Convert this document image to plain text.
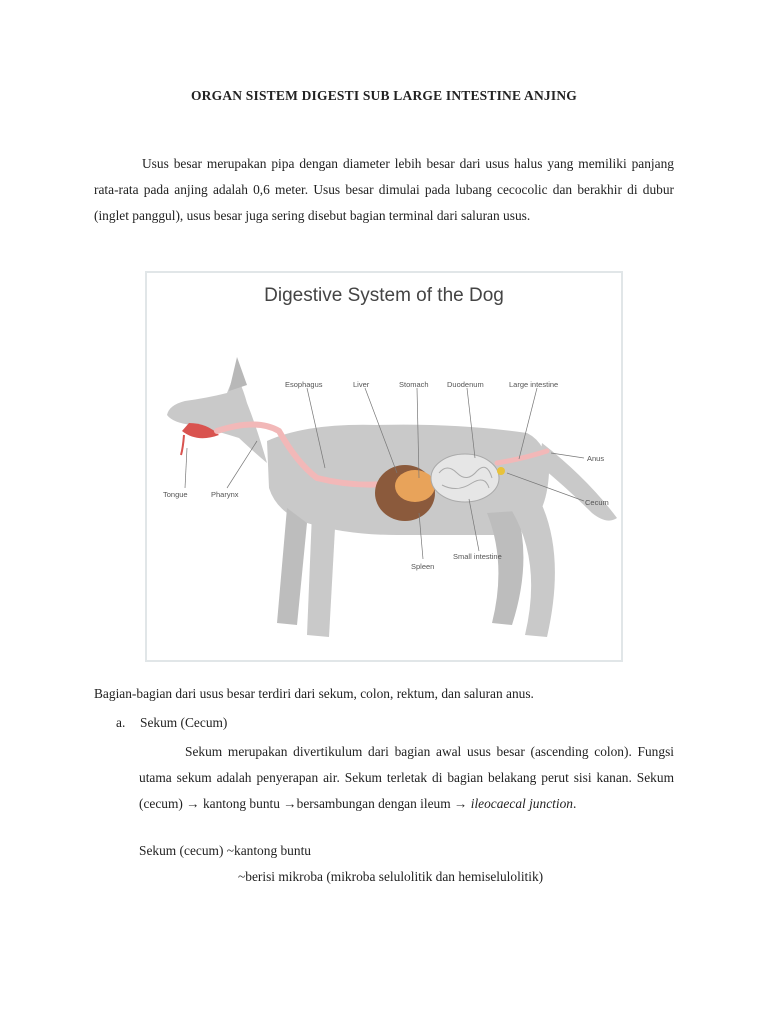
ORGAN SISTEM DIGESTI SUB LARGE INTESTINE ANJING
Usus besar merupakan pipa dengan diameter lebih besar dari usus halus yang memiliki panjang rata-rata pada anjing adalah 0,6 meter. Usus besar dimulai pada lubang cecocolic dan berakhir di dubur (inglet panggul), usus besar juga sering disebut bagian terminal dari saluran usus.
Digestive System of the Dog
Esophagus	Liver	Stomach Duodenum	Large intestine
Anus
Cecum
Small intestine
Spleen
Tongue	Pharynx
Bagian-bagian dari usus besar terdiri dari sekum, colon, rektum, dan saluran anus.
a. Sekum (Cecum)
Sekum merupakan divertikulum dari bagian awal usus besar (ascending colon). Fungsi utama sekum adalah penyerapan air. Sekum terletak di bagian belakang perut sisi kanan. Sekum (cecum) → kantong buntu →bersambungan dengan ileum → ileocaecal junction.
Sekum (cecum) ~kantong buntu
~berisi mikroba (mikroba selulolitik dan hemiselulolitik)
